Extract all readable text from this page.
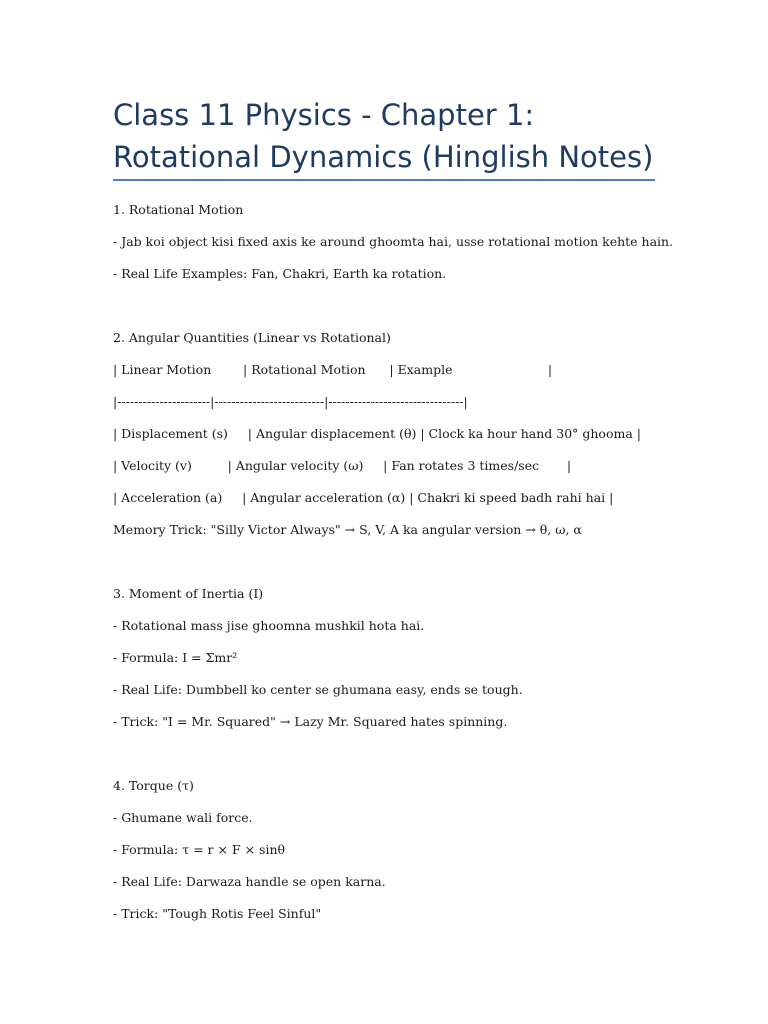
Class 11 Physics - Chapter 1: Rotational Dynamics (Hinglish Notes)
1. Rotational Motion
- Jab koi object kisi fixed axis ke around ghoomta hai, usse rotational motion kehte hain.
- Real Life Examples: Fan, Chakri, Earth ka rotation.
2. Angular Quantities (Linear vs Rotational)
| Linear Motion        | Rotational Motion      | Example                        |
|----------------------|--------------------------|--------------------------------|
| Displacement (s)     | Angular displacement (θ) | Clock ka hour hand 30° ghooma |
| Velocity (v)         | Angular velocity (ω)     | Fan rotates 3 times/sec       |
| Acceleration (a)     | Angular acceleration (α) | Chakri ki speed badh rahi hai |
Memory Trick: "Silly Victor Always" → S, V, A ka angular version → θ, ω, α
3. Moment of Inertia (I)
- Rotational mass jise ghoomna mushkil hota hai.
- Formula: I = Σmr²
- Real Life: Dumbbell ko center se ghumana easy, ends se tough.
- Trick: "I = Mr. Squared" → Lazy Mr. Squared hates spinning.
4. Torque (τ)
- Ghumane wali force.
- Formula: τ = r × F × sinθ
- Real Life: Darwaza handle se open karna.
- Trick: "Tough Rotis Feel Sinful"
